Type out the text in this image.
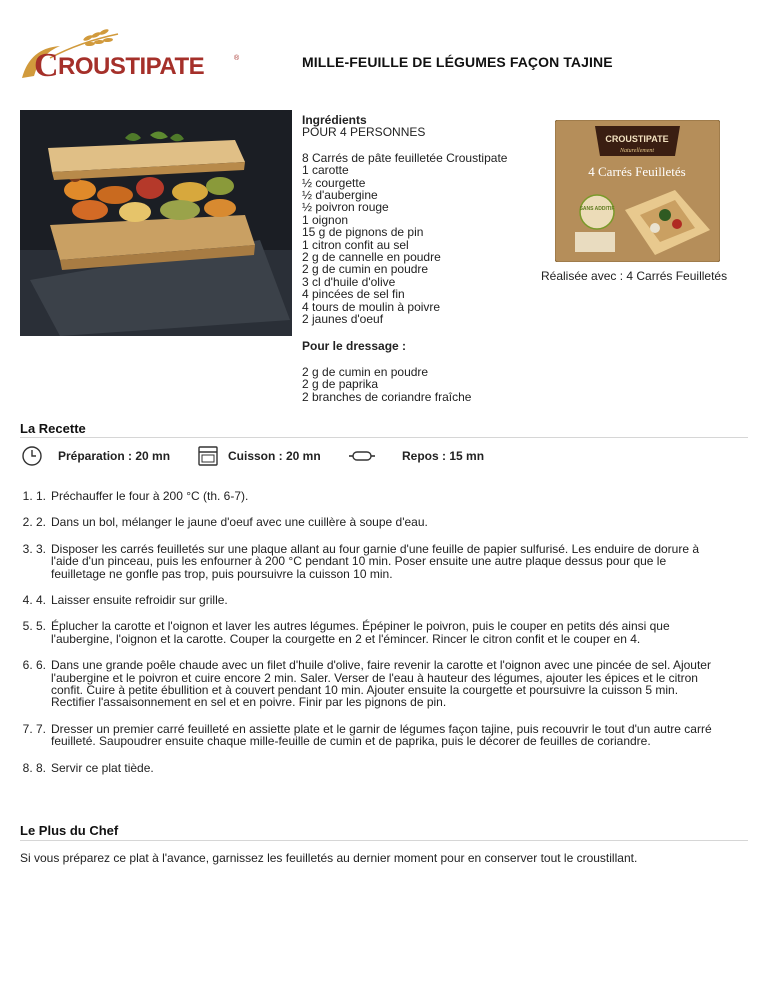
C ROUSTIPATE	®	MILLE-FEUILLE DE LÉGUMES FAÇON TAJINE
Ingrédients
POUR 4 PERSONNES
8 Carrés de pâte feuilletée Croustipate
1 carotte
½ courgette
½ d'aubergine
½ poivron rouge
1 oignon
15 g de pignons de pin
1 citron confit au sel
2 g de cannelle en poudre
2 g de cumin en poudre
3 cl d'huile d'olive
4 pincées de sel fin
4 tours de moulin à poivre
2 jaunes d'oeuf
Pour le dressage :
2 g de cumin en poudre
2 g de paprika
2 branches de coriandre fraîche
CROUSTIPATE
Naturellement
4 Carrés Feuilletés
SANS ADDITIF
Réalisée avec : 4 Carrés Feuilletés
La Recette
Préparation : 20 mn	Cuisson : 20 mn	Repos : 15 mn
1. 1. Préchauffer le four à 200 °C (th. 6-7).
2. 2. Dans un bol, mélanger le jaune d'oeuf avec une cuillère à soupe d'eau.
3. 3. Disposer les carrés feuilletés sur une plaque allant au four garnie d'une feuille de papier sulfurisé. Les enduire de dorure à l'aide d'un pinceau, puis les enfourner à 200 °C pendant 10 min. Poser ensuite une autre plaque dessus pour que le feuilletage ne gonfle pas trop, puis poursuivre la cuisson 10 min.
4. 4. Laisser ensuite refroidir sur grille.
5. 5. Éplucher la carotte et l'oignon et laver les autres légumes. Épépiner le poivron, puis le couper en petits dés ainsi que l'aubergine, l'oignon et la carotte. Couper la courgette en 2 et l'émincer. Rincer le citron confit et le couper en 4.
6. 6. Dans une grande poêle chaude avec un filet d'huile d'olive, faire revenir la carotte et l'oignon avec une pincée de sel. Ajouter l'aubergine et le poivron et cuire encore 2 min. Saler. Verser de l'eau à hauteur des légumes, ajouter les épices et le citron confit. Cuire à petite ébullition et à couvert pendant 10 min. Ajouter ensuite la courgette et poursuivre la cuisson 5 min. Rectifier l'assaisonnement en sel et en poivre. Finir par les pignons de pin.
7. 7. Dresser un premier carré feuilleté en assiette plate et le garnir de légumes façon tajine, puis recouvrir le tout d'un autre carré feuilleté. Saupoudrer ensuite chaque mille-feuille de cumin et de paprika, puis le décorer de feuilles de coriandre.
8. 8. Servir ce plat tiède.
Le Plus du Chef
Si vous préparez ce plat à l'avance, garnissez les feuilletés au dernier moment pour en conserver tout le croustillant.
